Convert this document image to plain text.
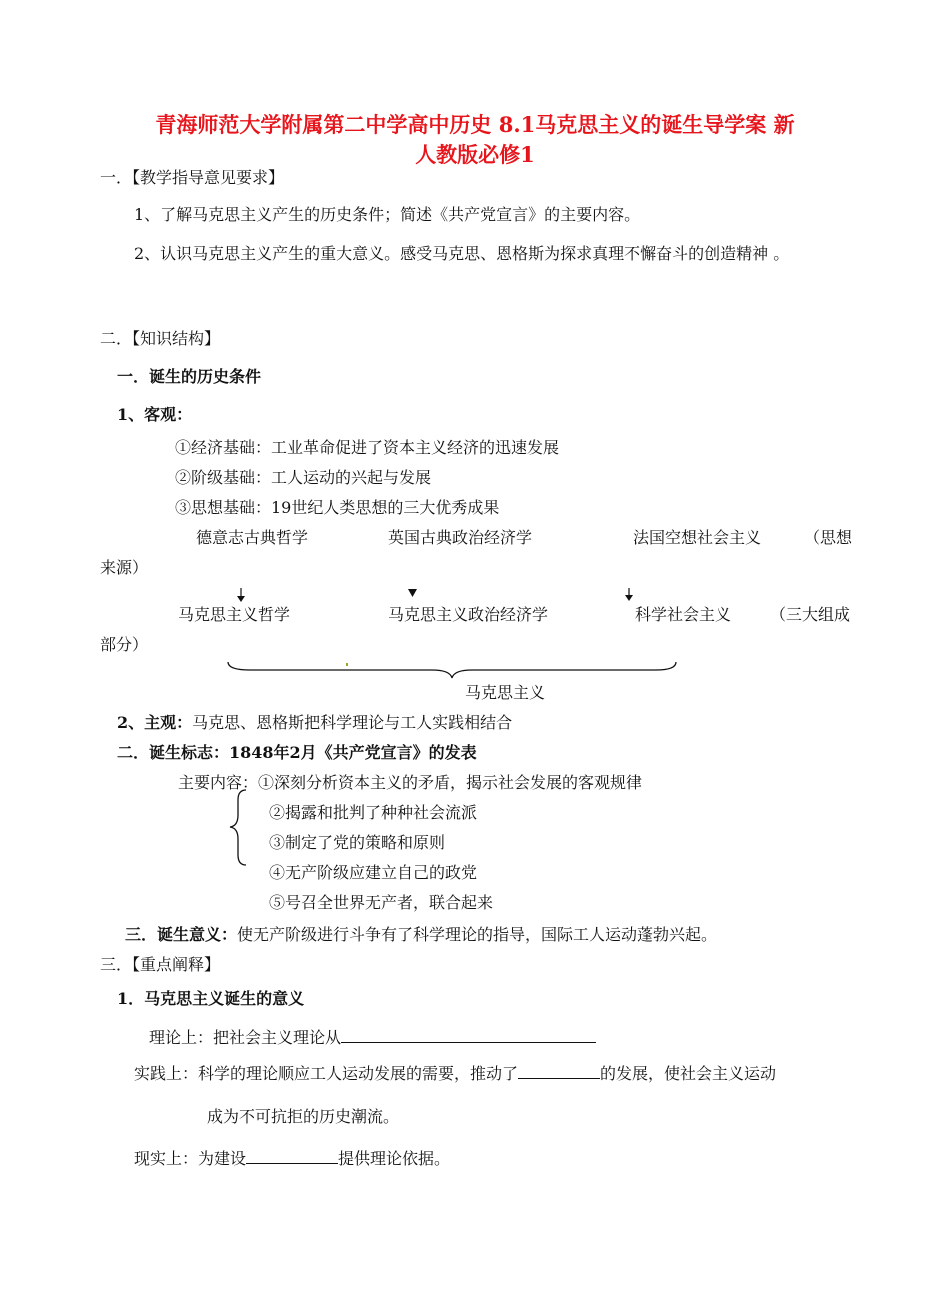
青海师范大学附属第二中学高中历史 8.1马克思主义的诞生导学案 新
人教版必修1
一．【教学指导意见要求】
1、了解马克思主义产生的历史条件；简述《共产党宣言》的主要内容。
2、认识马克思主义产生的重大意义。感受马克思、恩格斯为探求真理不懈奋斗的创造精神 。
二．【知识结构】
一．诞生的历史条件
1、客观：
①经济基础：工业革命促进了资本主义经济的迅速发展
②阶级基础：工人运动的兴起与发展
③思想基础：19世纪人类思想的三大优秀成果
德意志古典哲学	英国古典政治经济学	法国空想社会主义	（思想
来源）
马克思主义哲学	马克思主义政治经济学	科学社会主义 （三大组成
部分）
马克思主义
2、主观：马克思、恩格斯把科学理论与工人实践相结合
二．诞生标志：1848年2月《共产党宣言》的发表
主要内容： ①深刻分析资本主义的矛盾，揭示社会发展的客观规律
②揭露和批判了种种社会流派
③制定了党的策略和原则
④无产阶级应建立自己的政党
⑤号召全世界无产者，联合起来
三．诞生意义：使无产阶级进行斗争有了科学理论的指导，国际工人运动蓬勃兴起。
三．【重点阐释】
1．马克思主义诞生的意义
理论上：把社会主义理论从
实践上：科学的理论顺应工人运动发展的需要，推动了	的发展，使社会主义运动
成为不可抗拒的历史潮流。
现实上：为建设	提供理论依据。
